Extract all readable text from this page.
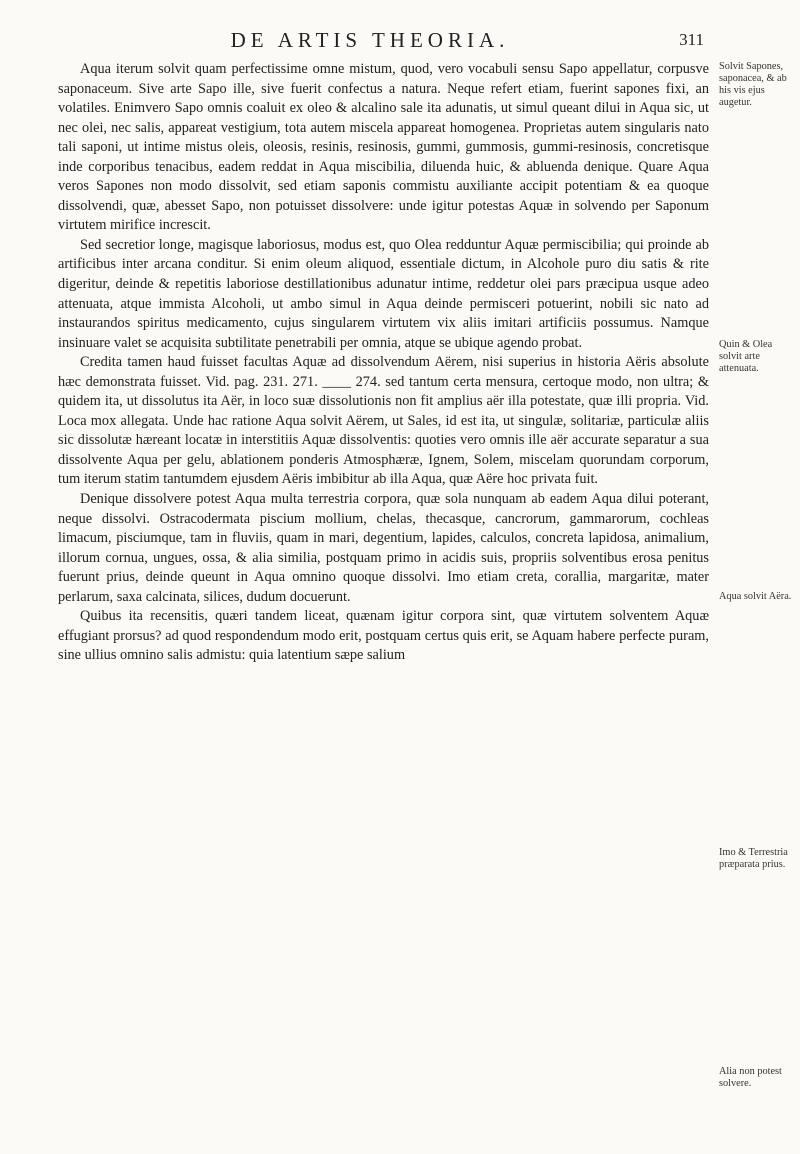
DE ARTIS THEORIA.	311

Aqua iterum solvit quam perfectissime omne mistum, quod, vero vocabuli sensu Sapo appellatur, corpusve saponaceum. Sive arte Sapo ille, sive fuerit confectus a natura. Neque refert etiam, fuerint sapones fixi, an volatiles. Enimvero Sapo omnis coaluit ex oleo & alcalino sale ita adunatis, ut simul queant dilui in Aqua sic, ut nec olei, nec salis, appareat vestigium, tota autem miscela appareat homogenea. Proprietas autem singularis nato tali saponi, ut intime mistus oleis, oleosis, resinis, resinosis, gummi, gummosis, gummi-resinosis, concretisque inde corporibus tenacibus, eadem reddat in Aqua miscibilia, diluenda huic, & abluenda denique. Quare Aqua veros Sapones non modo dissolvit, sed etiam saponis commistu auxiliante accipit potentiam & ea quoque dissolvendi, quæ, abesset Sapo, non potuisset dissolvere: unde igitur potestas Aquæ in solvendo per Saponum virtutem mirifice increscit.

Sed secretior longe, magisque laboriosus, modus est, quo Olea redduntur Aquæ permiscibilia; qui proinde ab artificibus inter arcana conditur. Si enim oleum aliquod, essentiale dictum, in Alcohole puro diu satis & rite digeritur, deinde & repetitis laboriose destillationibus adunatur intime, reddetur olei pars præcipua usque adeo attenuata, atque immista Alcoholi, ut ambo simul in Aqua deinde permisceri potuerint, nobili sic nato ad instaurandos spiritus medicamento, cujus singularem virtutem vix aliis imitari artificiis possumus. Namque insinuare valet se acquisita subtilitate penetrabili per omnia, atque se ubique agendo probat.

Credita tamen haud fuisset facultas Aquæ ad dissolvendum Aërem, nisi superius in historia Aëris absolute hæc demonstrata fuisset. Vid. pag. 231. 271. ____ 274. sed tantum certa mensura, certoque modo, non ultra; & quidem ita, ut dissolutus ita Aër, in loco suæ dissolutionis non fit amplius aër illa potestate, quæ illi propria. Vid. Loca mox allegata. Unde hac ratione Aqua solvit Aërem, ut Sales, id est ita, ut singulæ, solitariæ, particulæ aliis sic dissolutæ hæreant locatæ in interstitiis Aquæ dissolventis: quoties vero omnis ille aër accurate separatur a sua dissolvente Aqua per gelu, ablationem ponderis Atmosphæræ, Ignem, Solem, miscelam quorundam corporum, tum iterum statim tantumdem ejusdem Aëris imbibitur ab illa Aqua, quæ Aëre hoc privata fuit.

Denique dissolvere potest Aqua multa terrestria corpora, quæ sola nunquam ab eadem Aqua dilui poterant, neque dissolvi. Ostracodermata piscium mollium, chelas, thecasque, cancrorum, gammarorum, cochleas limacum, pisciumque, tam in fluviis, quam in mari, degentium, lapides, calculos, concreta lapidosa, animalium, illorum cornua, ungues, ossa, & alia similia, postquam primo in acidis suis, propriis solventibus erosa penitus fuerunt prius, deinde queunt in Aqua omnino quoque dissolvi. Imo etiam creta, corallia, margaritæ, mater perlarum, saxa calcinata, silices, dudum docuerunt.

Quibus ita recensitis, quæri tandem liceat, quænam igitur corpora sint, quæ virtutem solventem Aquæ effugiant prorsus? ad quod respondendum modo erit, postquam certus quis erit, se Aquam habere perfecte puram, sine ullius omnino salis admistu: quia latentium sæpe salium

Solvit Sapones, saponacea, & ab his vis ejus augetur.
Quin & Olea solvit arte attenuata.
Aqua solvit Aëra.
Imo & Terrestria præparata prius.
Alia non potest solvere.
